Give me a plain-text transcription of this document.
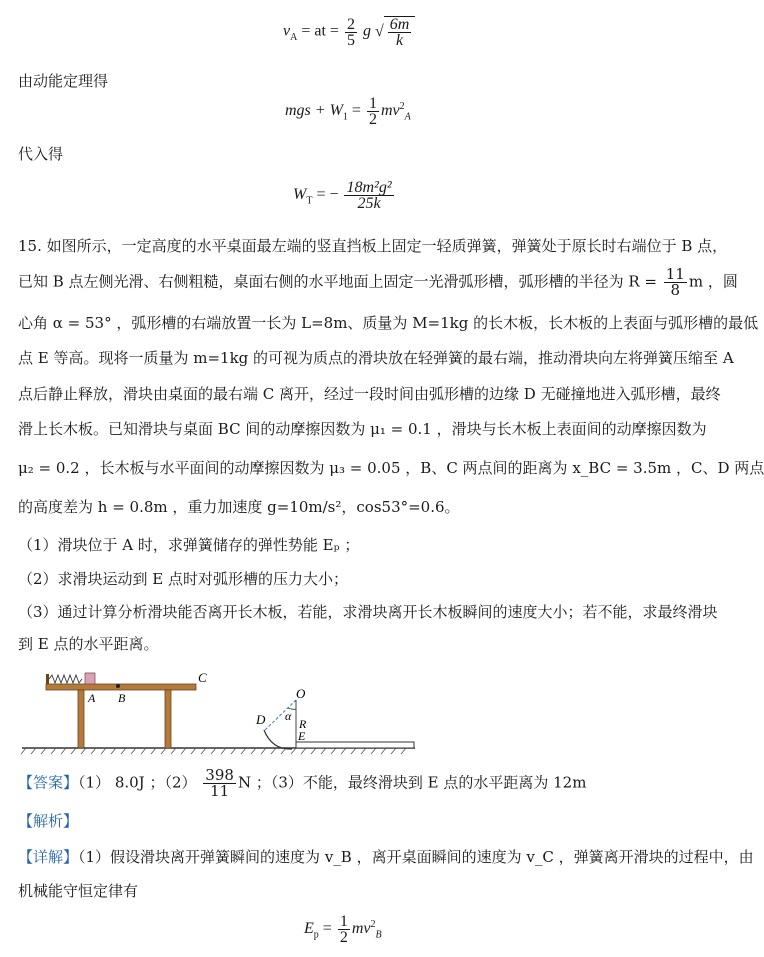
$v_A$ = at = $\frac{2}{5}$ g √ $\frac{6m}{k}$
由动能定理得
mgs + $W_1 = \frac{1}{2} mv^2_A$
代入得
$W_T$ = − $\frac{\text{18m²g²}}{25k}$
15. 如图所示，一定高度的水平桌面最左端的竖直挡板上固定一轻质弹簧，弹簧处于原长时右端位于 B 点，
已知 B 点左侧光滑、右侧粗糙，桌面右侧的水平地面上固定一光滑弧形槽，弧形槽的半径为 $R = \frac{11}{8}$ m ，圆
心角 α = 53° ，弧形槽的右端放置一长为 L=8m、质量为 M=1kg 的长木板，长木板的上表面与弧形槽的最低
点 E 等高。现将一质量为 m=1kg 的可视为质点的滑块放在轻弹簧的最右端，推动滑块向左将弹簧压缩至 A
点后静止释放，滑块由桌面的最右端 C 离开，经过一段时间由弧形槽的边缘 D 无碰撞地进入弧形槽，最终
滑上长木板。已知滑块与桌面 BC 间的动摩擦因数为 μ₁ = 0.1 ，滑块与长木板上表面间的动摩擦因数为
μ₂ = 0.2 ，长木板与水平面间的动摩擦因数为 μ₃ = 0.05 ，B、C 两点间的距离为 x_BC = 3.5m ，C、D 两点
的高度差为 h = 0.8m ，重力加速度 g=10m/s²，cos53°=0.6。
（1）滑块位于 A 时，求弹簧储存的弹性势能 Eₚ ；
（2）求滑块运动到 E 点时对弧形槽的压力大小；
（3）通过计算分析滑块能否离开长木板，若能，求滑块离开长木板瞬间的速度大小；若不能，求最终滑块
到 E 点的水平距离。
C
A B	O
D α
R
E
【答案】（1） 8.0J ；$(2) \frac{398}{11}$ N ；（3）不能，最终滑块到 E 点的水平距离为 12m
【解析】
【详解】（1）假设滑块离开弹簧瞬间的速度为 v_B ，离开桌面瞬间的速度为 v_C ，弹簧离开滑块的过程中，由
机械能守恒定律有
$E_p = \frac{1}{2} mv^2_B$
